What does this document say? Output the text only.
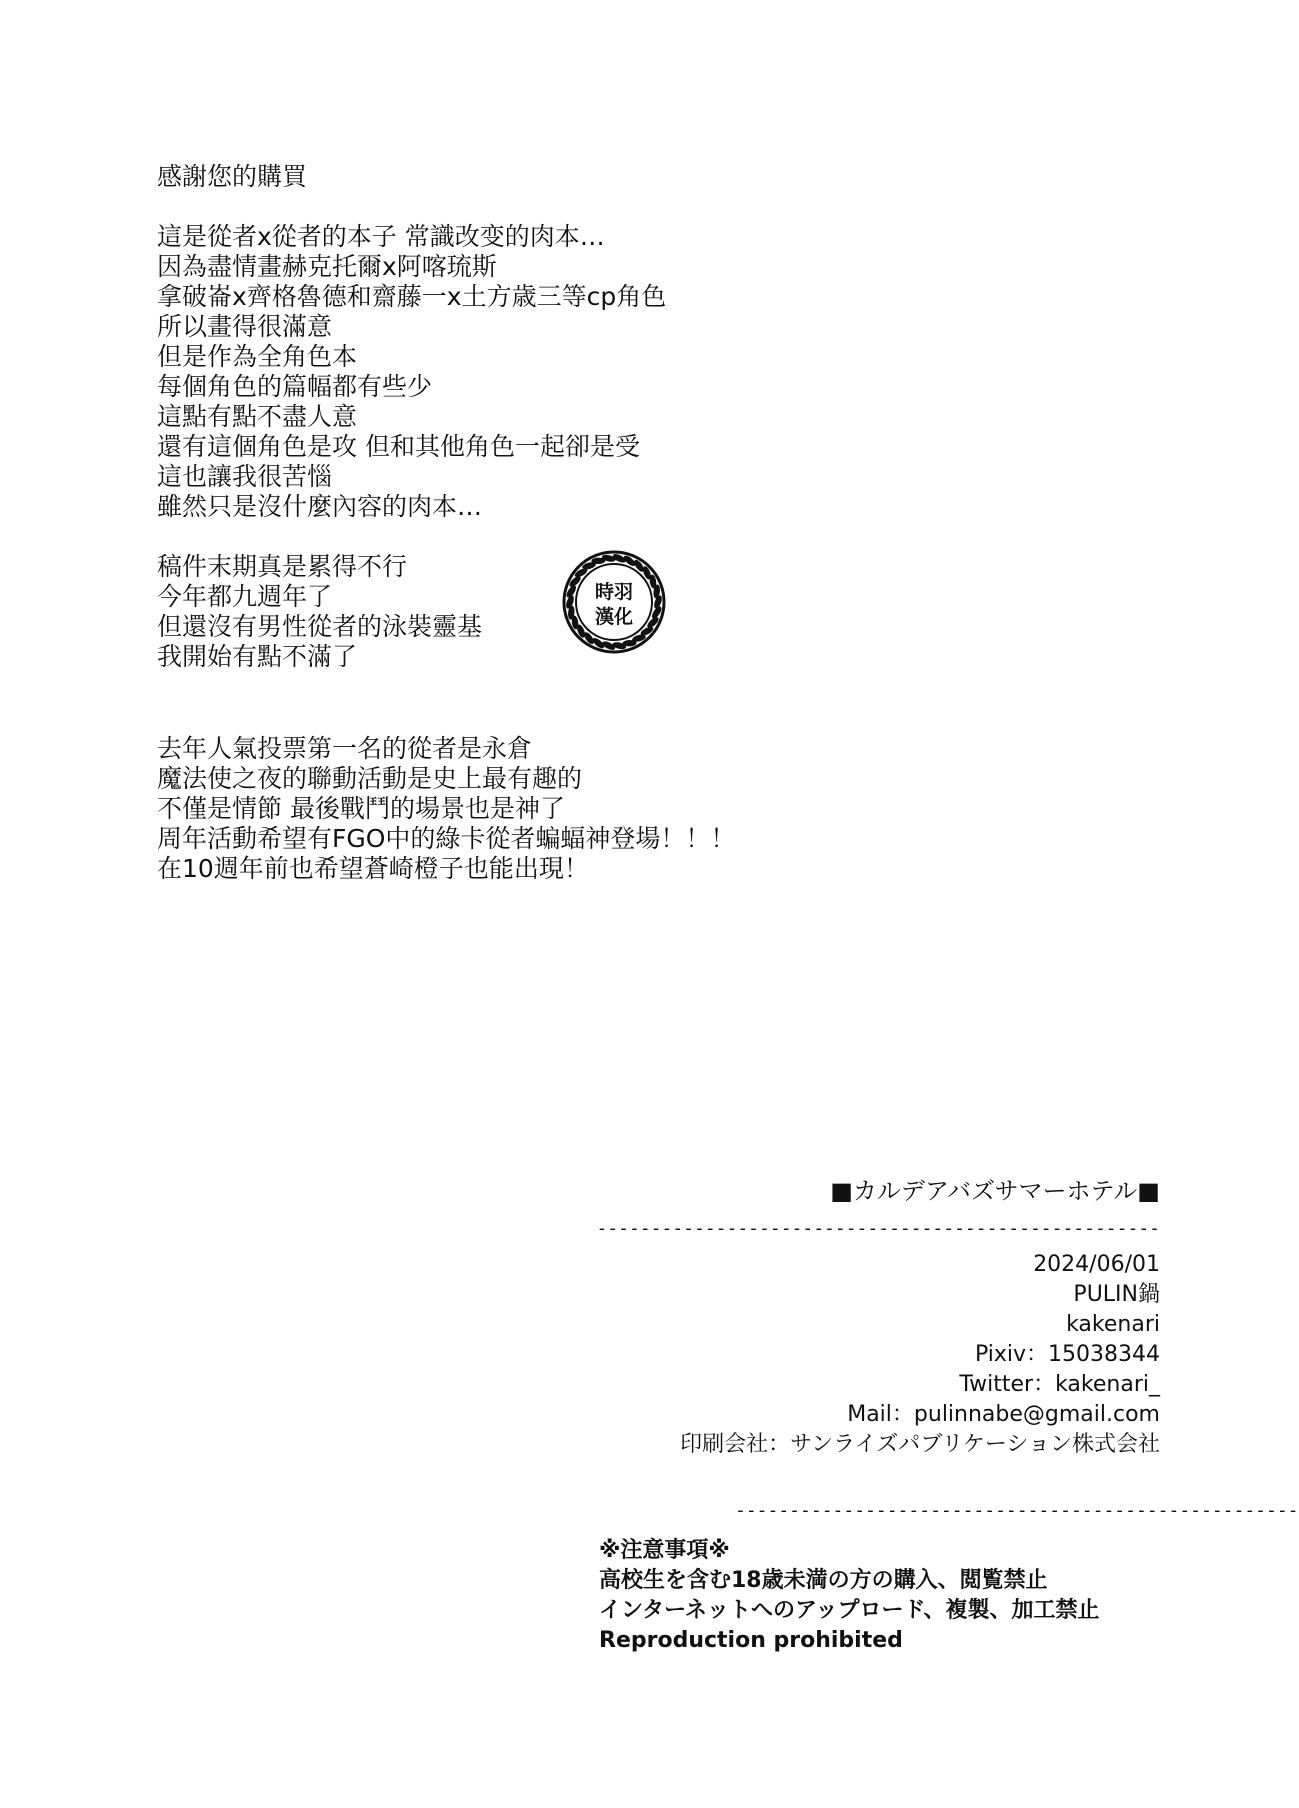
感謝您的購買
這是從者x從者的本子 常識改变的肉本…
因為盡情畫赫克托爾x阿喀琉斯
拿破崙x齊格魯德和齋藤一x土方歳三等cp角色
所以畫得很滿意
但是作為全角色本
每個角色的篇幅都有些少
這點有點不盡人意
還有這個角色是攻 但和其他角色一起卻是受
這也讓我很苦惱
雖然只是沒什麼內容的肉本…
稿件末期真是累得不行
今年都九週年了
但還沒有男性從者的泳裝靈基
我開始有點不滿了
去年人氣投票第一名的從者是永倉
魔法使之夜的聯動活動是史上最有趣的
不僅是情節 最後戰鬥的場景也是神了
周年活動希望有FGO中的綠卡從者蝙蝠神登場！！！
在10週年前也希望蒼崎橙子也能出現！
時羽
漢化
■カルデアバズサマーホテル■
----------------------------------------------------
2024/06/01
PULIN鍋
kakenari
Pixiv：15038344
Twitter：kakenari_
Mail：pulinnabe@gmail.com
印刷会社：サンライズパブリケーション株式会社
----------------------------------------------------
※注意事項※
高校生を含む18歳未満の方の購入、閲覧禁止
インターネットへのアップロード、複製、加工禁止
Reproduction prohibited
